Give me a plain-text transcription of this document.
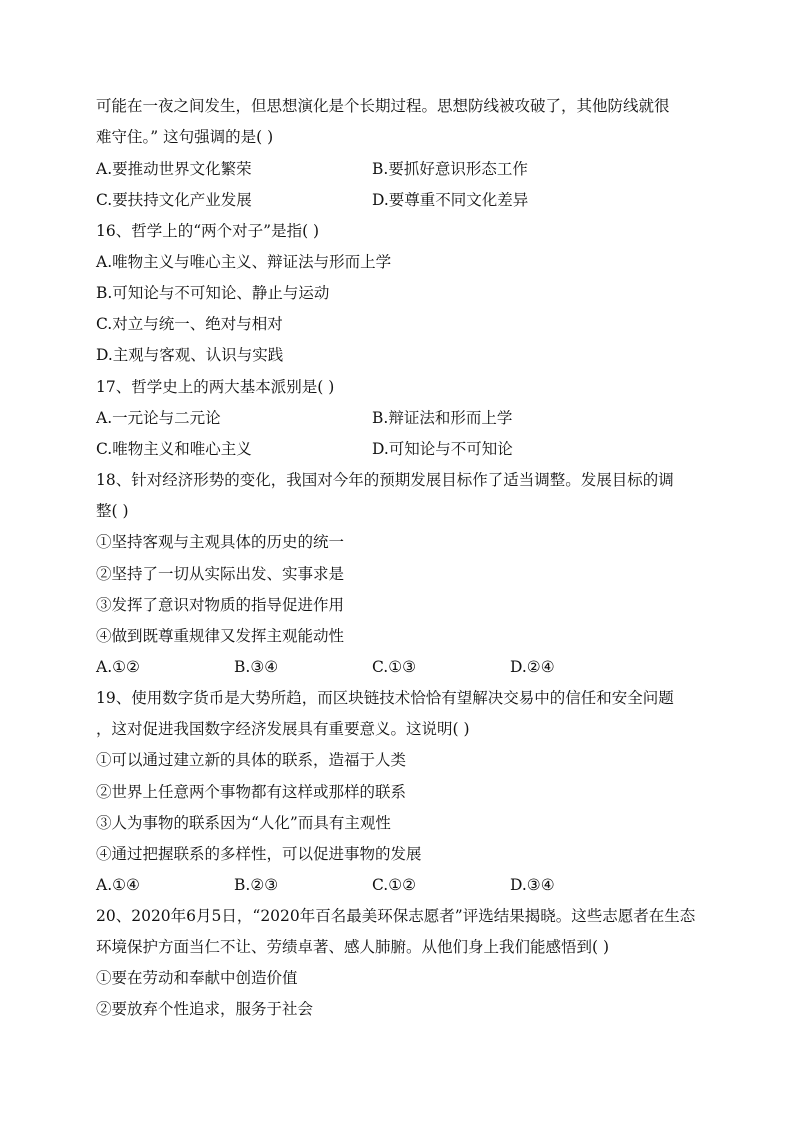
可能在一夜之间发生，但思想演化是个长期过程。思想防线被攻破了，其他防线就很
难守住。” 这句强调的是( )
A.要推动世界文化繁荣	B.要抓好意识形态工作
C.要扶持文化产业发展	D.要尊重不同文化差异
16、哲学上的“两个对子”是指( )
A.唯物主义与唯心主义、辩证法与形而上学
B.可知论与不可知论、静止与运动
C.对立与统一、绝对与相对
D.主观与客观、认识与实践
17、哲学史上的两大基本派别是( )
A.一元论与二元论	B.辩证法和形而上学
C.唯物主义和唯心主义	D.可知论与不可知论
18、针对经济形势的变化，我国对今年的预期发展目标作了适当调整。发展目标的调
整( )
①坚持客观与主观具体的历史的统一
②坚持了一切从实际出发、实事求是
③发挥了意识对物质的指导促进作用
④做到既尊重规律又发挥主观能动性
A.①②	B.③④	C.①③	D.②④
19、使用数字货币是大势所趋，而区块链技术恰恰有望解决交易中的信任和安全问题
，这对促进我国数字经济发展具有重要意义。这说明( )
①可以通过建立新的具体的联系，造福于人类
②世界上任意两个事物都有这样或那样的联系
③人为事物的联系因为“人化”而具有主观性
④通过把握联系的多样性，可以促进事物的发展
A.①④	B.②③	C.①②	D.③④
20、2020年6月5日，“2020年百名最美环保志愿者”评选结果揭晓。这些志愿者在生态
环境保护方面当仁不让、劳绩卓著、感人肺腑。从他们身上我们能感悟到( )
①要在劳动和奉献中创造价值
②要放弃个性追求，服务于社会
